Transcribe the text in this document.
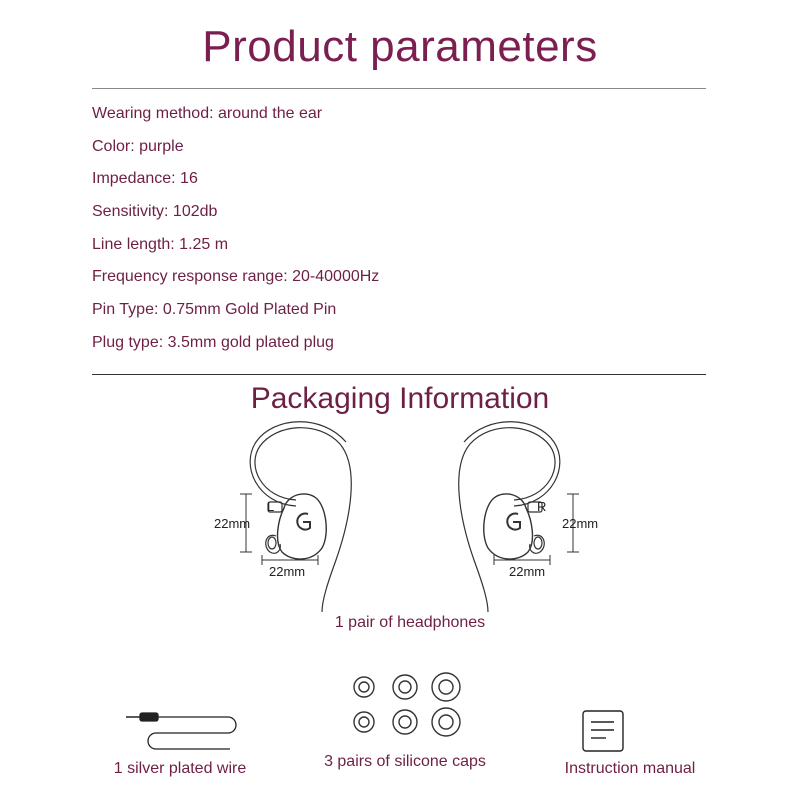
Product parameters
Wearing method: around the ear
Color: purple
Impedance: 16
Sensitivity: 102db
Line length: 1.25 m
Frequency response range: 20-40000Hz
Pin Type: 0.75mm Gold Plated Pin
Plug type: 3.5mm gold plated plug
Packaging Information
L
22mm
22mm
R
22mm
22mm
1 pair of headphones
1 silver plated wire	3 pairs of silicone caps	Instruction manual
